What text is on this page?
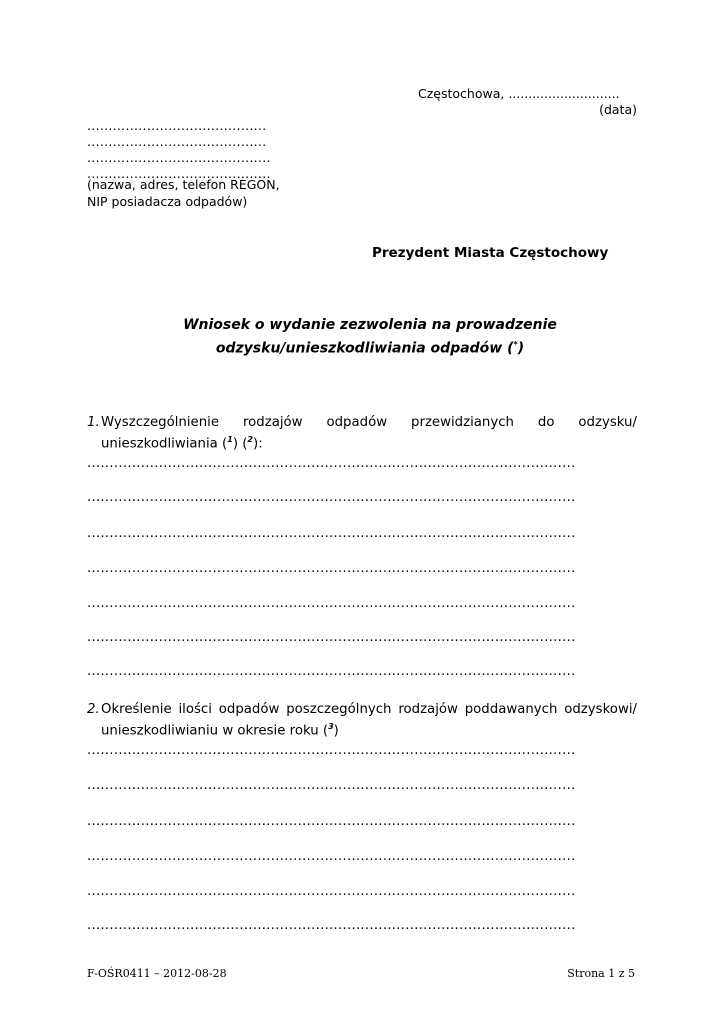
Częstochowa, ............................
(data)
..........................................
..........................................
...........................................
...........................................
(nazwa, adres, telefon REGON,
NIP posiadacza odpadów)
Prezydent Miasta Częstochowy
Wniosek o wydanie zezwolenia na prowadzenie
odzysku/unieszkodliwiania odpadów (*)
1.Wyszczególnienie rodzajów odpadów przewidzianych do odzysku/
unieszkodliwiania ($^1$) ($^2$):
.............................................................................................................
.............................................................................................................
.............................................................................................................
.............................................................................................................
.............................................................................................................
.............................................................................................................
.............................................................................................................
2.Określenie ilości odpadów poszczególnych rodzajów poddawanych odzyskowi/
unieszkodliwianiu w okresie roku ($^3$)
.............................................................................................................
.............................................................................................................
.............................................................................................................
.............................................................................................................
.............................................................................................................
.............................................................................................................
F-OŚR0411 – 2012-08-28	Strona 1 z 5
